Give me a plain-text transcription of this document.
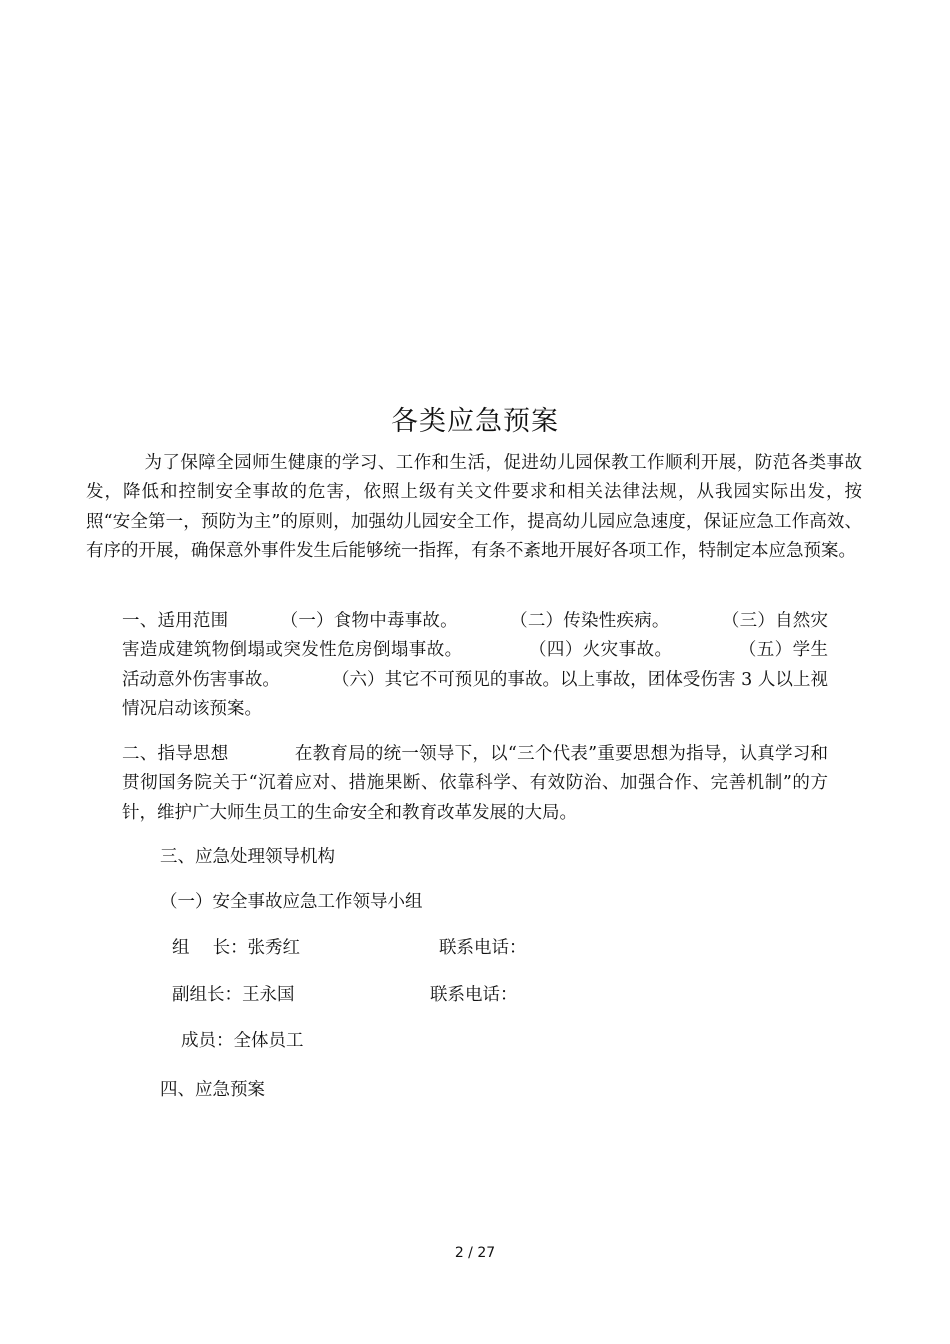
各类应急预案
为了保障全园师生健康的学习、工作和生活，促进幼儿园保教工作顺利开展，防范各类事故发，降低和控制安全事故的危害，依照上级有关文件要求和相关法律法规，从我园实际出发，按照“安全第一，预防为主”的原则，加强幼儿园安全工作，提高幼儿园应急速度，保证应急工作高效、有序的开展，确保意外事件发生后能够统一指挥，有条不紊地开展好各项工作，特制定本应急预案。
一、适用范围	（一）食物中毒事故。	（二）传染性疾病。	（三）自然灾害造成建筑物倒塌或突发性危房倒塌事故。	（四）火灾事故。	（五）学生活动意外伤害事故。	（六）其它不可预见的事故。以上事故，团体受伤害 3 人以上视情况启动该预案。
二、指导思想	在教育局的统一领导下，以“三个代表”重要思想为指导，认真学习和贯彻国务院关于“沉着应对、措施果断、依靠科学、有效防治、加强合作、完善机制”的方针，维护广大师生员工的生命安全和教育改革发展的大局。
三、应急处理领导机构
（一）安全事故应急工作领导小组
组　 长：张秀红	联系电话：
副组长：王永国	联系电话：
成员：全体员工
四、应急预案
2 / 27
